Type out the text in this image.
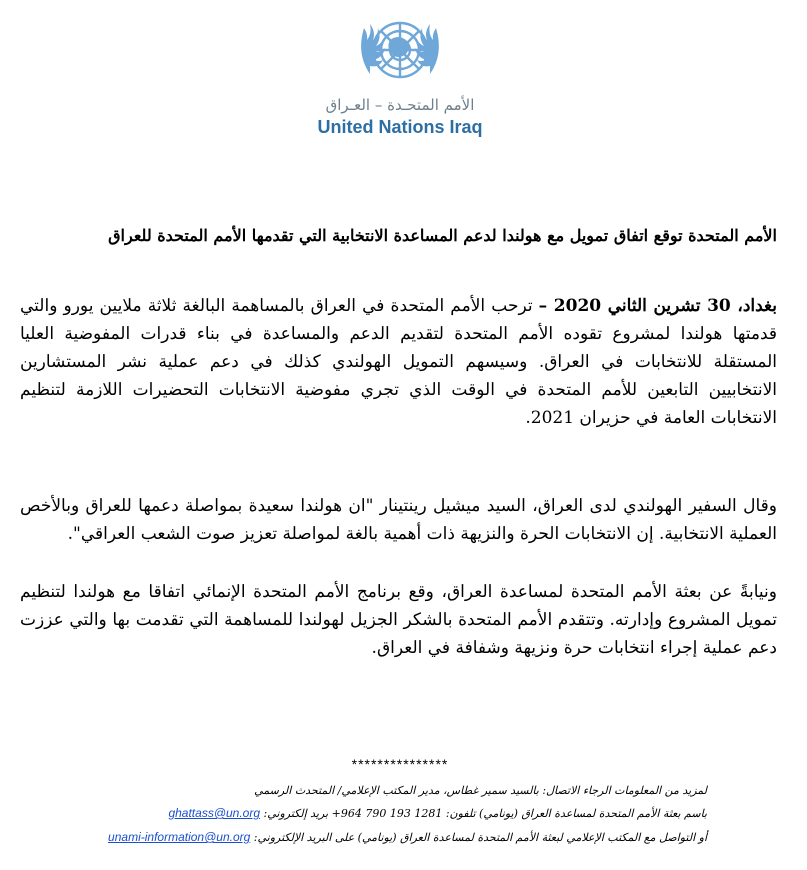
الأمم المتحـدة – العـراق
United Nations Iraq
الأمم المتحدة توقع اتفاق تمويل مع هولندا لدعم المساعدة الانتخابية التي تقدمها الأمم المتحدة للعراق

بغداد، 30 تشرين الثاني 2020 – ترحب الأمم المتحدة في العراق بالمساهمة البالغة ثلاثة ملايين يورو والتي قدمتها هولندا لمشروع تقوده الأمم المتحدة لتقديم الدعم والمساعدة في بناء قدرات المفوضية العليا المستقلة للانتخابات في العراق. وسيسهم التمويل الهولندي كذلك في دعم عملية نشر المستشارين الانتخابيين التابعين للأمم المتحدة في الوقت الذي تجري مفوضية الانتخابات التحضيرات اللازمة لتنظيم الانتخابات العامة في حزيران 2021.

وقال السفير الهولندي لدى العراق، السيد ميشيل رينتينار "ان هولندا سعيدة بمواصلة دعمها للعراق وبالأخص العملية الانتخابية. إن الانتخابات الحرة والنزيهة ذات أهمية بالغة لمواصلة تعزيز صوت الشعب العراقي".

ونيابةً عن بعثة الأمم المتحدة لمساعدة العراق، وقع برنامج الأمم المتحدة الإنمائي اتفاقا مع هولندا لتنظيم تمويل المشروع وإدارته. وتتقدم الأمم المتحدة بالشكر الجزيل لهولندا للمساهمة التي تقدمت بها والتي عززت دعم عملية إجراء انتخابات حرة ونزيهة وشفافة في العراق.

***************

لمزيد من المعلومات الرجاء الاتصال: بالسيد سمير غطاس، مدير المكتب الإعلامي/ المتحدث الرسمي

باسم بعثة الأمم المتحدة لمساعدة العراق (يونامي) تلفون: 1281 193 790 964+ بريد إلكتروني: ghattass@un.org

أو التواصل مع المكتب الإعلامي لبعثة الأمم المتحدة لمساعدة العراق (يونامي) على البريد الإلكتروني: unami-information@un.org
